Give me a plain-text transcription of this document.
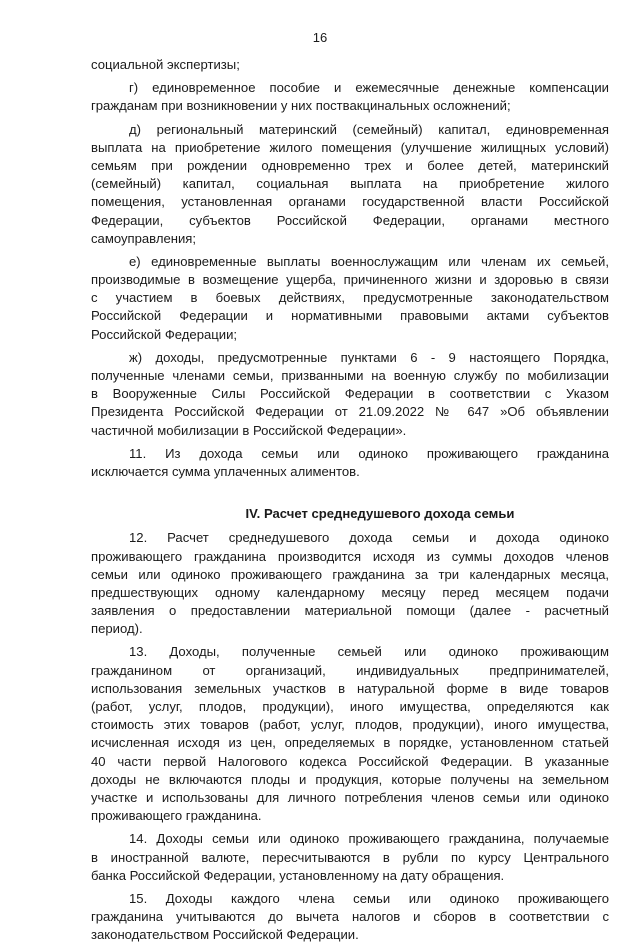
16
социальной экспертизы;
г) единовременное пособие и ежемесячные денежные компенсации
гражданам при возникновении у них поствакцинальных осложнений;
д) региональный материнский (семейный) капитал, единовременная
выплата на приобретение жилого помещения (улучшение жилищных условий)
семьям при рождении одновременно трех и более детей, материнский
(семейный) капитал, социальная выплата на приобретение жилого
помещения, установленная органами государственной власти Российской
Федерации, субъектов Российской Федерации, органами местного
самоуправления;
е) единовременные выплаты военнослужащим или членам их семьей,
производимые в возмещение ущерба, причиненного жизни и здоровью в связи
с участием в боевых действиях, предусмотренные законодательством
Российской Федерации и нормативными правовыми актами субъектов
Российской Федерации;
ж) доходы, предусмотренные пунктами 6 - 9 настоящего Порядка,
полученные членами семьи, призванными на военную службу по мобилизации
в Вооруженные Силы Российской Федерации в соответствии с Указом
Президента Российской Федерации от 21.09.2022 № 647 »Об объявлении
частичной мобилизации в Российской Федерации».
11. Из дохода семьи или одиноко проживающего гражданина
исключается сумма уплаченных алиментов.
IV. Расчет среднедушевого дохода семьи
12. Расчет среднедушевого дохода семьи и дохода одиноко
проживающего гражданина производится исходя из суммы доходов членов
семьи или одиноко проживающего гражданина за три календарных месяца,
предшествующих одному календарному месяцу перед месяцем подачи
заявления о предоставлении материальной помощи (далее - расчетный
период).
13. Доходы, полученные семьей или одиноко проживающим
гражданином от организаций, индивидуальных предпринимателей,
использования земельных участков в натуральной форме в виде товаров
(работ, услуг, плодов, продукции), иного имущества, определяются как
стоимость этих товаров (работ, услуг, плодов, продукции), иного имущества,
исчисленная исходя из цен, определяемых в порядке, установленном статьей
40 части первой Налогового кодекса Российской Федерации. В указанные
доходы не включаются плоды и продукция, которые получены на земельном
участке и использованы для личного потребления членов семьи или одиноко
проживающего гражданина.
14. Доходы семьи или одиноко проживающего гражданина, получаемые
в иностранной валюте, пересчитываются в рубли по курсу Центрального
банка Российской Федерации, установленному на дату обращения.
15. Доходы каждого члена семьи или одиноко проживающего
гражданина учитываются до вычета налогов и сборов в соответствии с
законодательством Российской Федерации.
